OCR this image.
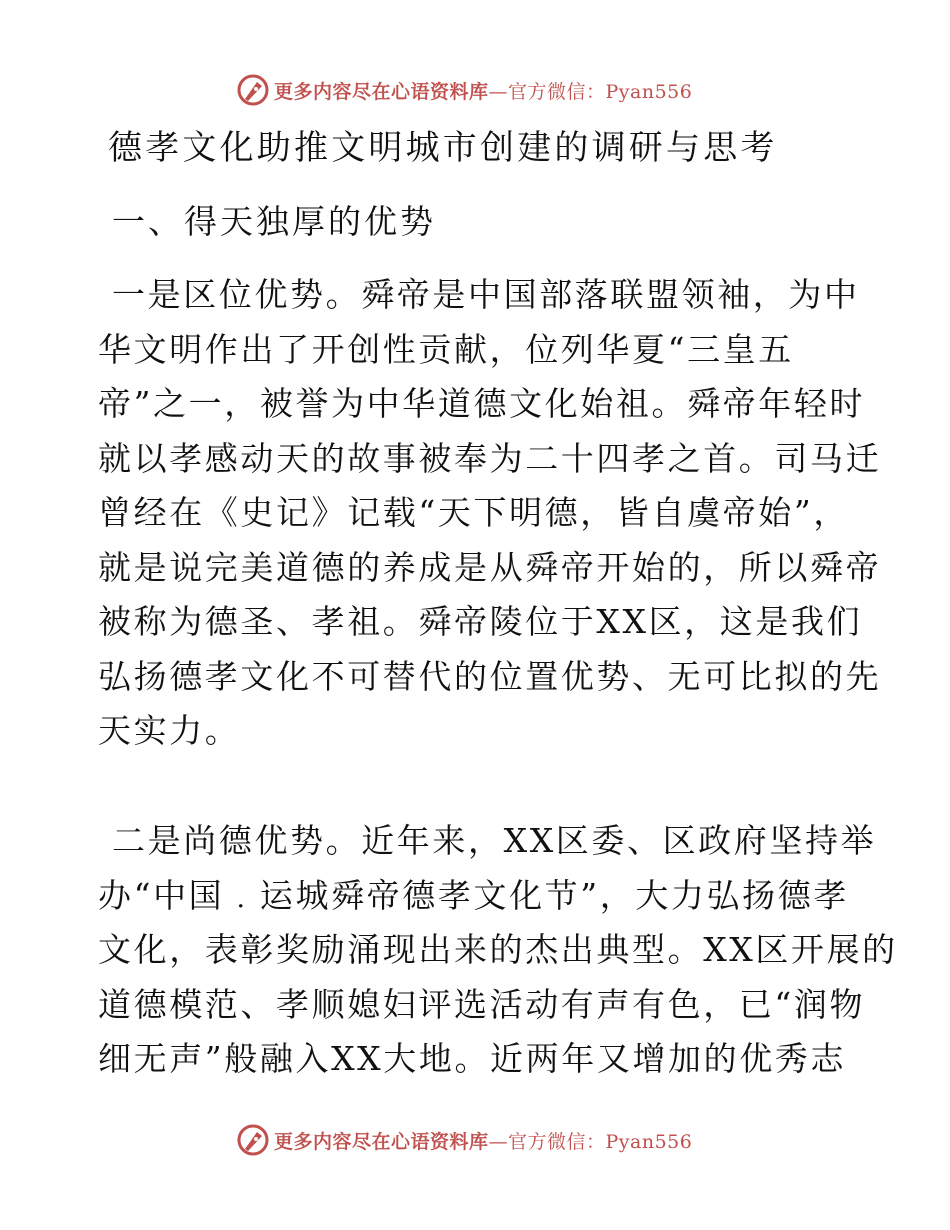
更多内容尽在心语资料库—官方微信：Pyan556
德孝文化助推文明城市创建的调研与思考
一、得天独厚的优势
一是区位优势。舜帝是中国部落联盟领袖，为中
华文明作出了开创性贡献，位列华夏“三皇五
帝”之一，被誉为中华道德文化始祖。舜帝年轻时
就以孝感动天的故事被奉为二十四孝之首。司马迁
曾经在《史记》记载“天下明德，皆自虞帝始”，
就是说完美道德的养成是从舜帝开始的，所以舜帝
被称为德圣、孝祖。舜帝陵位于XX区，这是我们
弘扬德孝文化不可替代的位置优势、无可比拟的先
天实力。
二是尚德优势。近年来，XX区委、区政府坚持举
办“中国﹒运城舜帝德孝文化节”，大力弘扬德孝
文化，表彰奖励涌现出来的杰出典型。XX区开展的
道德模范、孝顺媳妇评选活动有声有色，已“润物
细无声”般融入XX大地。近两年又增加的优秀志
更多内容尽在心语资料库—官方微信：Pyan556
